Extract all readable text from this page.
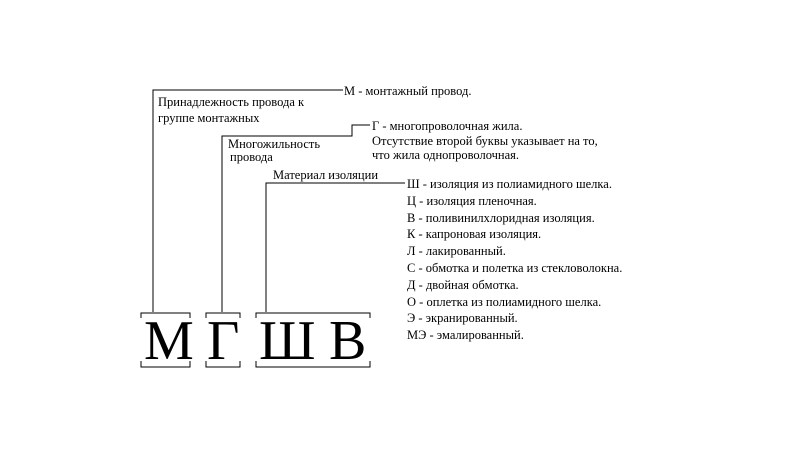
М - монтажный провод.
Принадлежность провода к
группе монтажных
Г - многопроволочная жила.
Отсутствие второй буквы указывает на то,
что жила однопроволочная.
Многожильность
провода
Материал изоляции
Ш - изоляция из полиамидного шелка.
Ц - изоляция пленочная.
В - поливинилхлоридная изоляция.
К - капроновая изоляция.
Л - лакированный.
С - обмотка и полетка из стекловолокна.
Д - двойная обмотка.
О - оплетка из полиамидного шелка.
Э - экранированный.
МЭ - эмалированный.
М Г Ш В
